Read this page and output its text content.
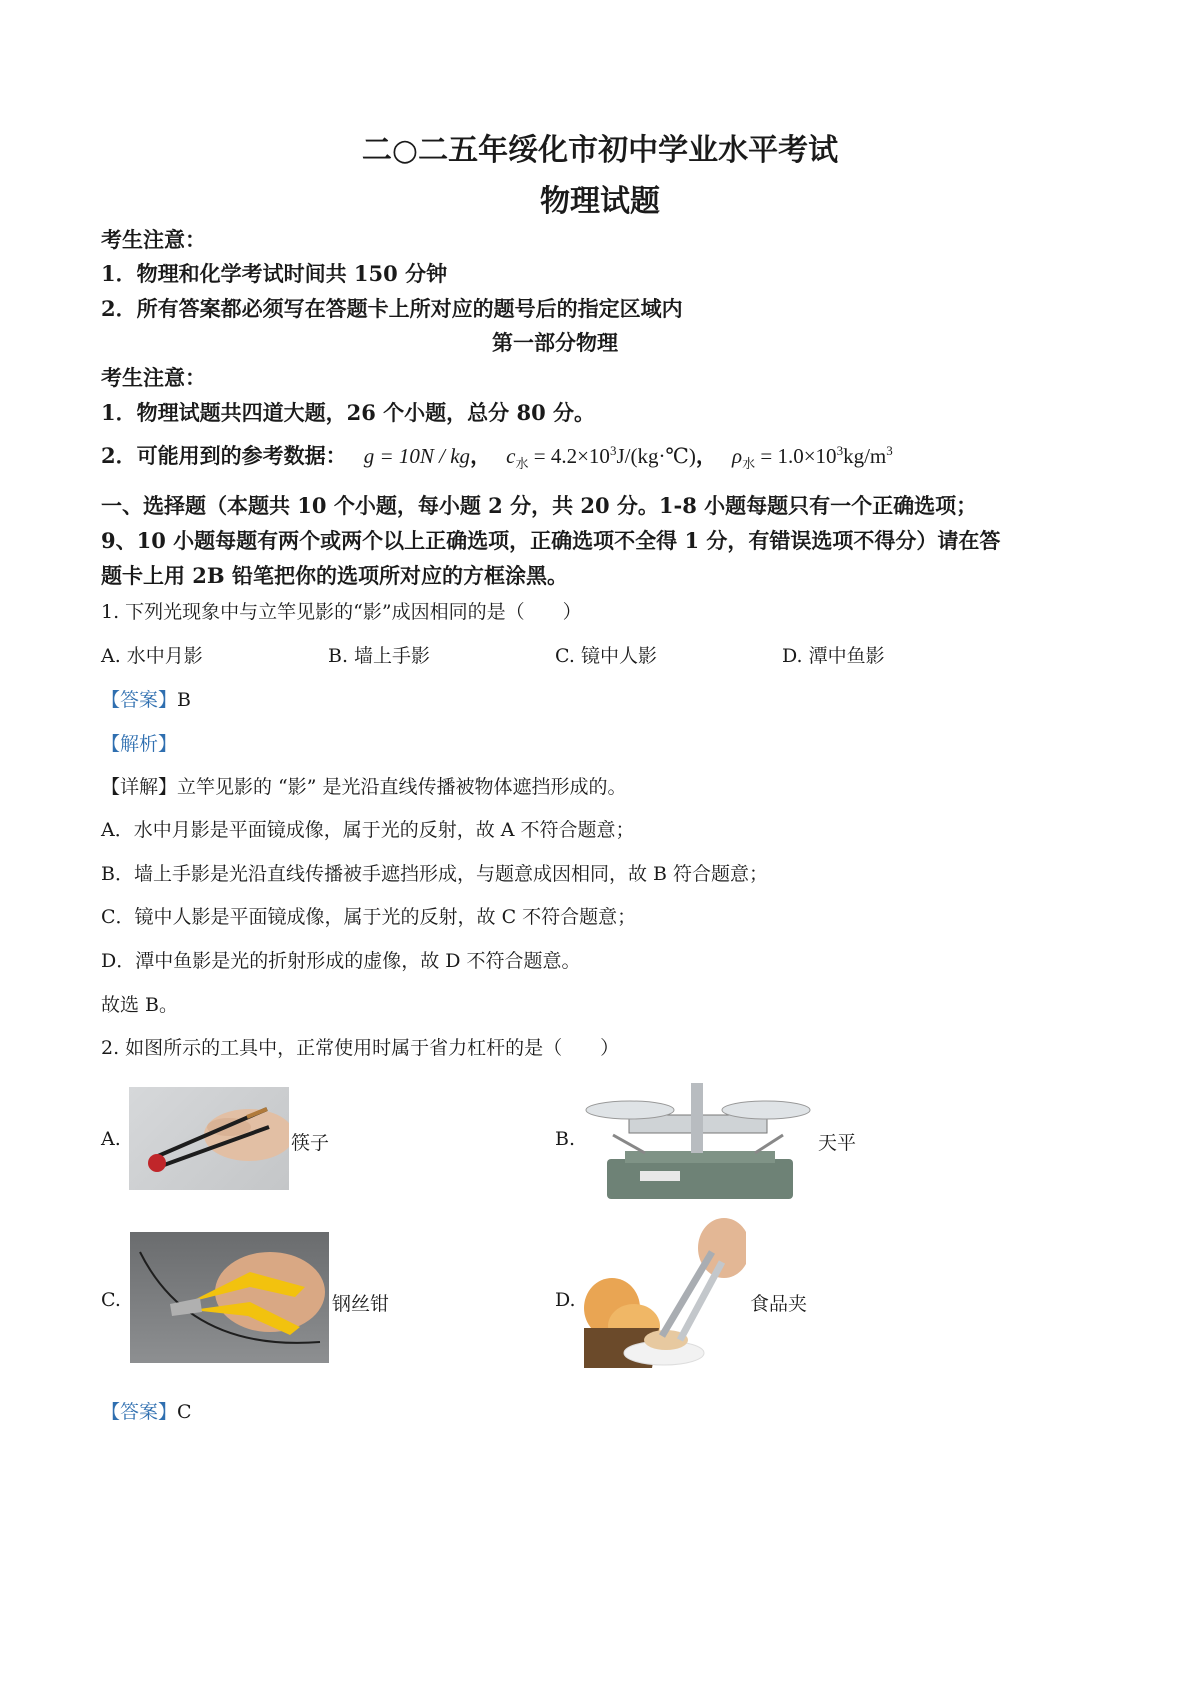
二○二五年绥化市初中学业水平考试
物理试题
考生注意：
1．物理和化学考试时间共 150 分钟
2．所有答案都必须写在答题卡上所对应的题号后的指定区域内
第一部分物理
考生注意：
1．物理试题共四道大题，26 个小题，总分 80 分。
2．可能用到的参考数据： g = 10N / kg， $c_水$ = $4.2\times 10^3J/(kg\cdot℃)$， $\rho_水 = 1.0\times 10^3kg/m^3$
一、选择题（本题共 10 个小题，每小题 2 分，共 20 分。1-8 小题每题只有一个正确选项；9、10 小题每题有两个或两个以上正确选项，正确选项不全得 1 分，有错误选项不得分）请在答题卡上用 2B 铅笔把你的选项所对应的方框涂黑。
1. 下列光现象中与立竿见影的“影”成因相同的是（　　）
A. 水中月影	B. 墙上手影	C. 镜中人影	D. 潭中鱼影
【答案】B
【解析】
【详解】立竿见影的 “影” 是光沿直线传播被物体遮挡形成的。
A．水中月影是平面镜成像，属于光的反射，故 A 不符合题意；
B．墙上手影是光沿直线传播被手遮挡形成，与题意成因相同，故 B 符合题意；
C．镜中人影是平面镜成像，属于光的反射，故 C 不符合题意；
D．潭中鱼影是光的折射形成的虚像，故 D 不符合题意。
故选 B。
2. 如图所示的工具中，正常使用时属于省力杠杆的是（　　）
A.	筷子	B.	天平
C.	钢丝钳	D.	食品夹
【答案】C
